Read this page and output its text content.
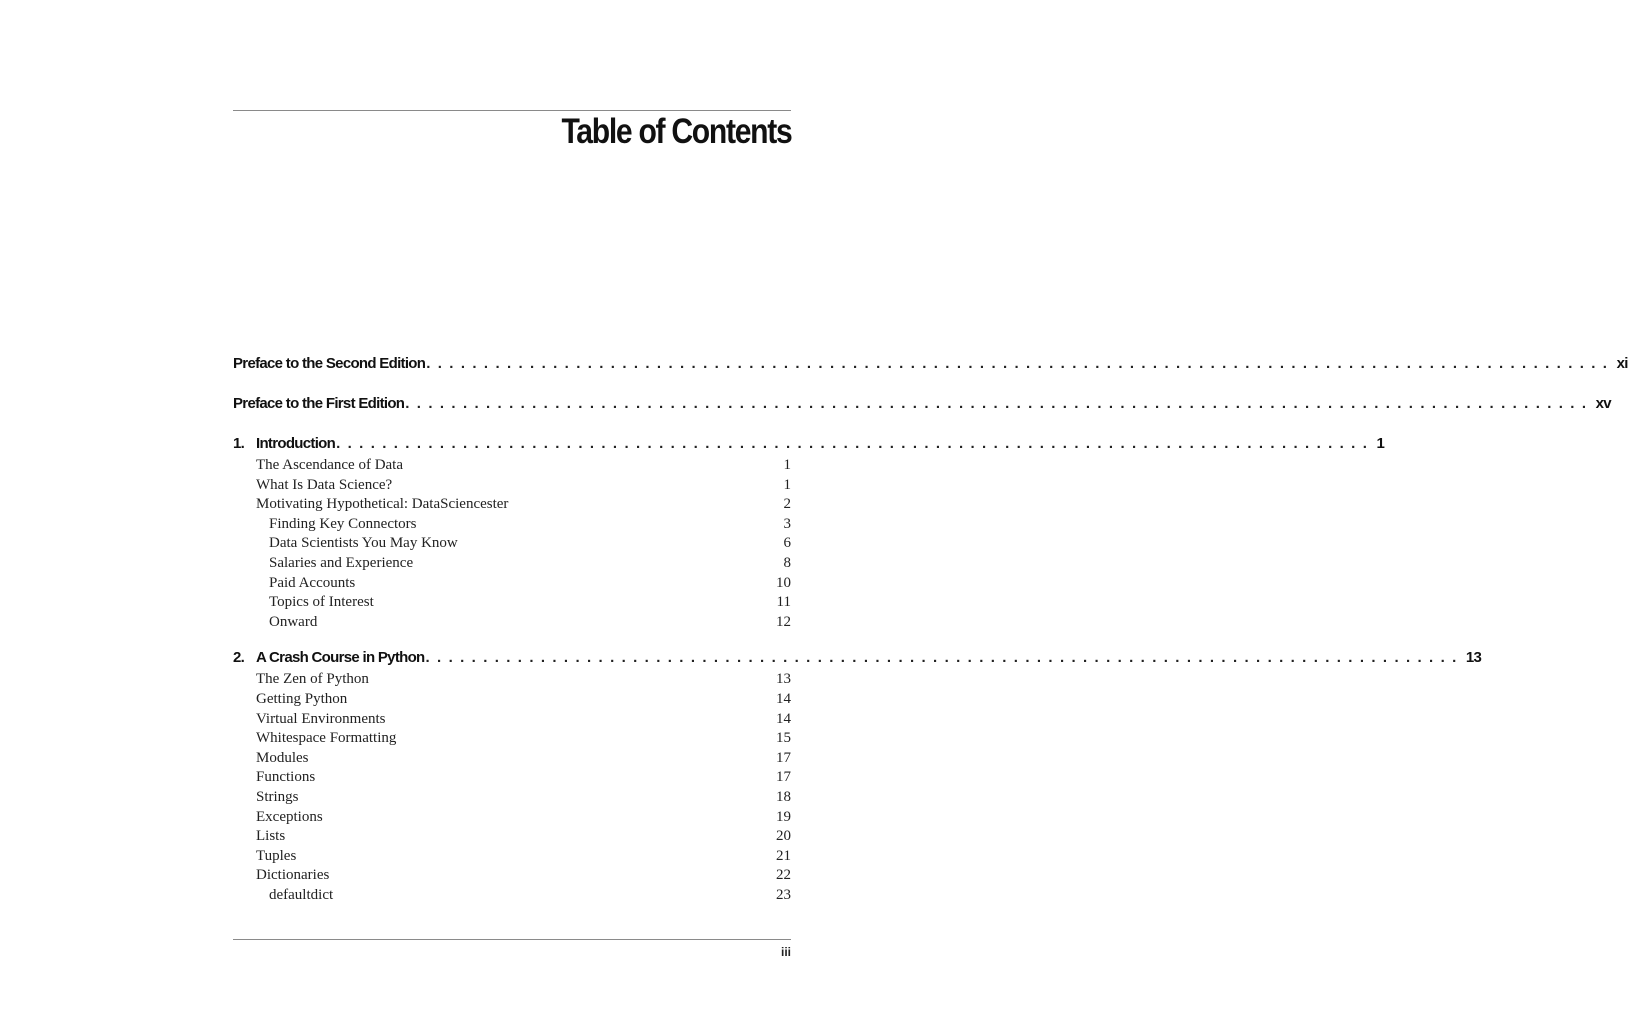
Table of Contents
Preface to the Second Edition . . . . . . . . . . . . . . . . . . . . . . . . . . . . . . . . . . . . . . . . . . . . . . . . . . . . . . . . . . . . . . . . . . . . . . . . . . . . . . . . . . . . . . . . . . . . . . . . . . . . . . . xi
Preface to the First Edition . . . . . . . . . . . . . . . . . . . . . . . . . . . . . . . . . . . . . . . . . . . . . . . . . . . . . . . . . . . . . . . . . . . . . . . . . . . . . . . . . . . . . . . . . . . . . . . . . . . . . . . xv
1. Introduction . . . . . . . . . . . . . . . . . . . . . . . . . . . . . . . . . . . . . . . . . . . . . . . . . . . . . . . . . . . . . . . . . . . . . . . . . . . . . . . . . . . . . . . . . . 1
The Ascendance of Data	1
What Is Data Science?	1
Motivating Hypothetical: DataSciencester	2
Finding Key Connectors	3
Data Scientists You May Know	6
Salaries and Experience	8
Paid Accounts	10
Topics of Interest	11
Onward	12
2. A Crash Course in Python . . . . . . . . . . . . . . . . . . . . . . . . . . . . . . . . . . . . . . . . . . . . . . . . . . . . . . . . . . . . . . . . . . . . . . . . . . . . . . . . . . . . . . . . . . 13
The Zen of Python	13
Getting Python	14
Virtual Environments	14
Whitespace Formatting	15
Modules	17
Functions	17
Strings	18
Exceptions	19
Lists	20
Tuples	21
Dictionaries	22
defaultdict	23
iii
